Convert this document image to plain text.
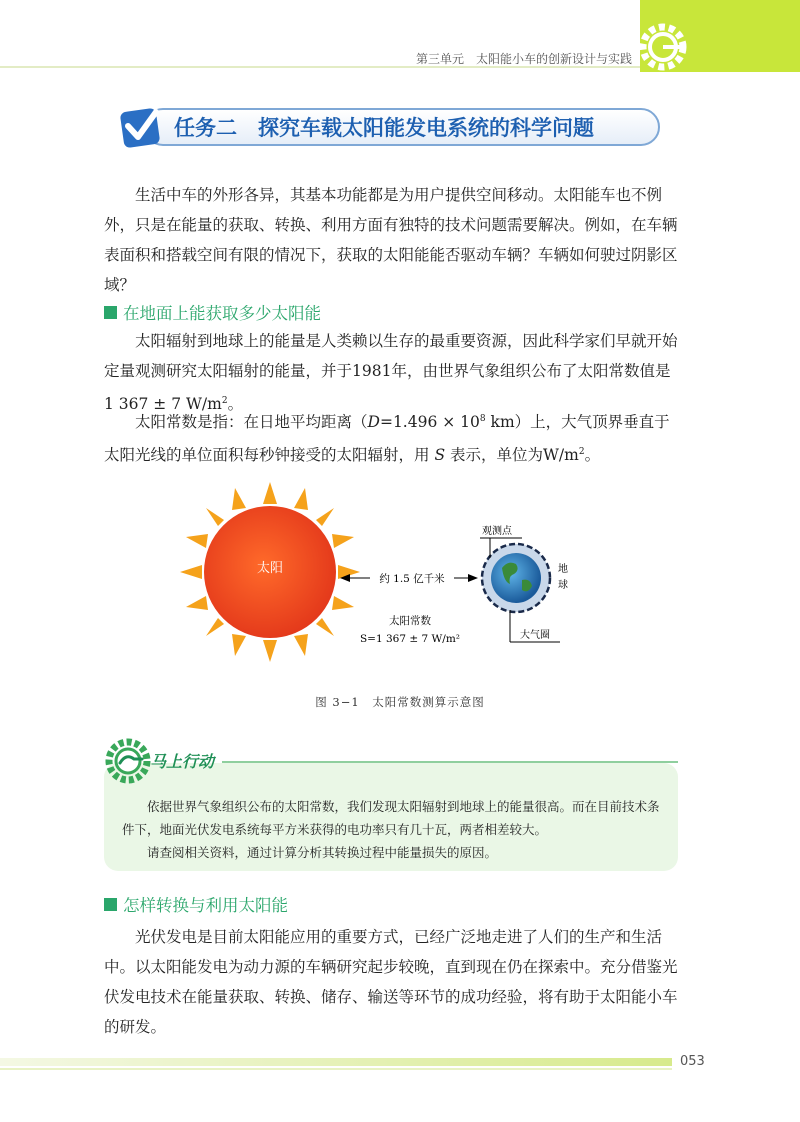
第三单元　太阳能小车的创新设计与实践
任务二　探究车载太阳能发电系统的科学问题

生活中车的外形各异，其基本功能都是为用户提供空间移动。太阳能车也不例外，只是在能量的获取、转换、利用方面有独特的技术问题需要解决。例如，在车辆表面积和搭载空间有限的情况下，获取的太阳能能否驱动车辆？车辆如何驶过阴影区域？

在地面上能获取多少太阳能

太阳辐射到地球上的能量是人类赖以生存的最重要资源，因此科学家们早就开始定量观测研究太阳辐射的能量，并于1981年，由世界气象组织公布了太阳常数值是1 367 ± 7 $W/m^2$。

太阳常数是指：在日地平均距离（$D=1.496 \times 10^8$ km）上，大气顶界垂直于太阳光线的单位面积每秒钟接受的太阳辐射，用 S 表示，单位为$W/m^2$。

太阳
约 1.5 亿千米
太阳常数
S=1 367 ± 7 W/m²
观测点
地
球
大气圈
图 3−1　太阳常数测算示意图
马上行动

依据世界气象组织公布的太阳常数，我们发现太阳辐射到地球上的能量很高。而在目前技术条件下，地面光伏发电系统每平方米获得的电功率只有几十瓦，两者相差较大。

请查阅相关资料，通过计算分析其转换过程中能量损失的原因。

怎样转换与利用太阳能

光伏发电是目前太阳能应用的重要方式，已经广泛地走进了人们的生产和生活中。以太阳能发电为动力源的车辆研究起步较晚，直到现在仍在探索中。充分借鉴光伏发电技术在能量获取、转换、储存、输送等环节的成功经验，将有助于太阳能小车的研发。

053
